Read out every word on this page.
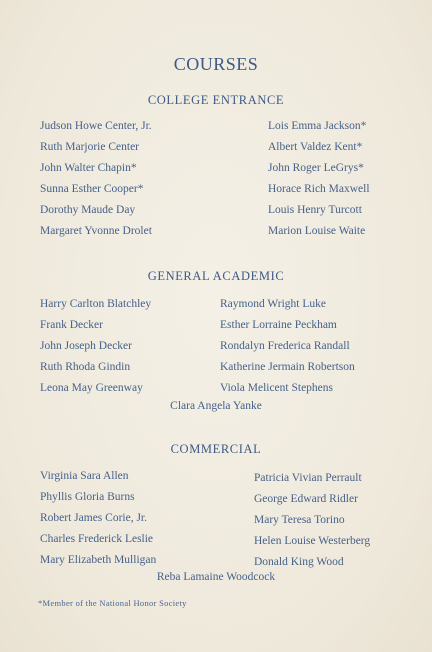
COURSES
COLLEGE ENTRANCE
Judson Howe Center, Jr.
Ruth Marjorie Center
John Walter Chapin*
Sunna Esther Cooper*
Dorothy Maude Day
Margaret Yvonne Drolet
Lois Emma Jackson*
Albert Valdez Kent*
John Roger LeGrys*
Horace Rich Maxwell
Louis Henry Turcott
Marion Louise Waite
GENERAL ACADEMIC
Harry Carlton Blatchley
Frank Decker
John Joseph Decker
Ruth Rhoda Gindin
Leona May Greenway
Raymond Wright Luke
Esther Lorraine Peckham
Rondalyn Frederica Randall
Katherine Jermain Robertson
Viola Melicent Stephens
Clara Angela Yanke
COMMERCIAL
Virginia Sara Allen
Phyllis Gloria Burns
Robert James Corie, Jr.
Charles Frederick Leslie
Mary Elizabeth Mulligan
Patricia Vivian Perrault
George Edward Ridler
Mary Teresa Torino
Helen Louise Westerberg
Donald King Wood
Reba Lamaine Woodcock
*Member of the National Honor Society
